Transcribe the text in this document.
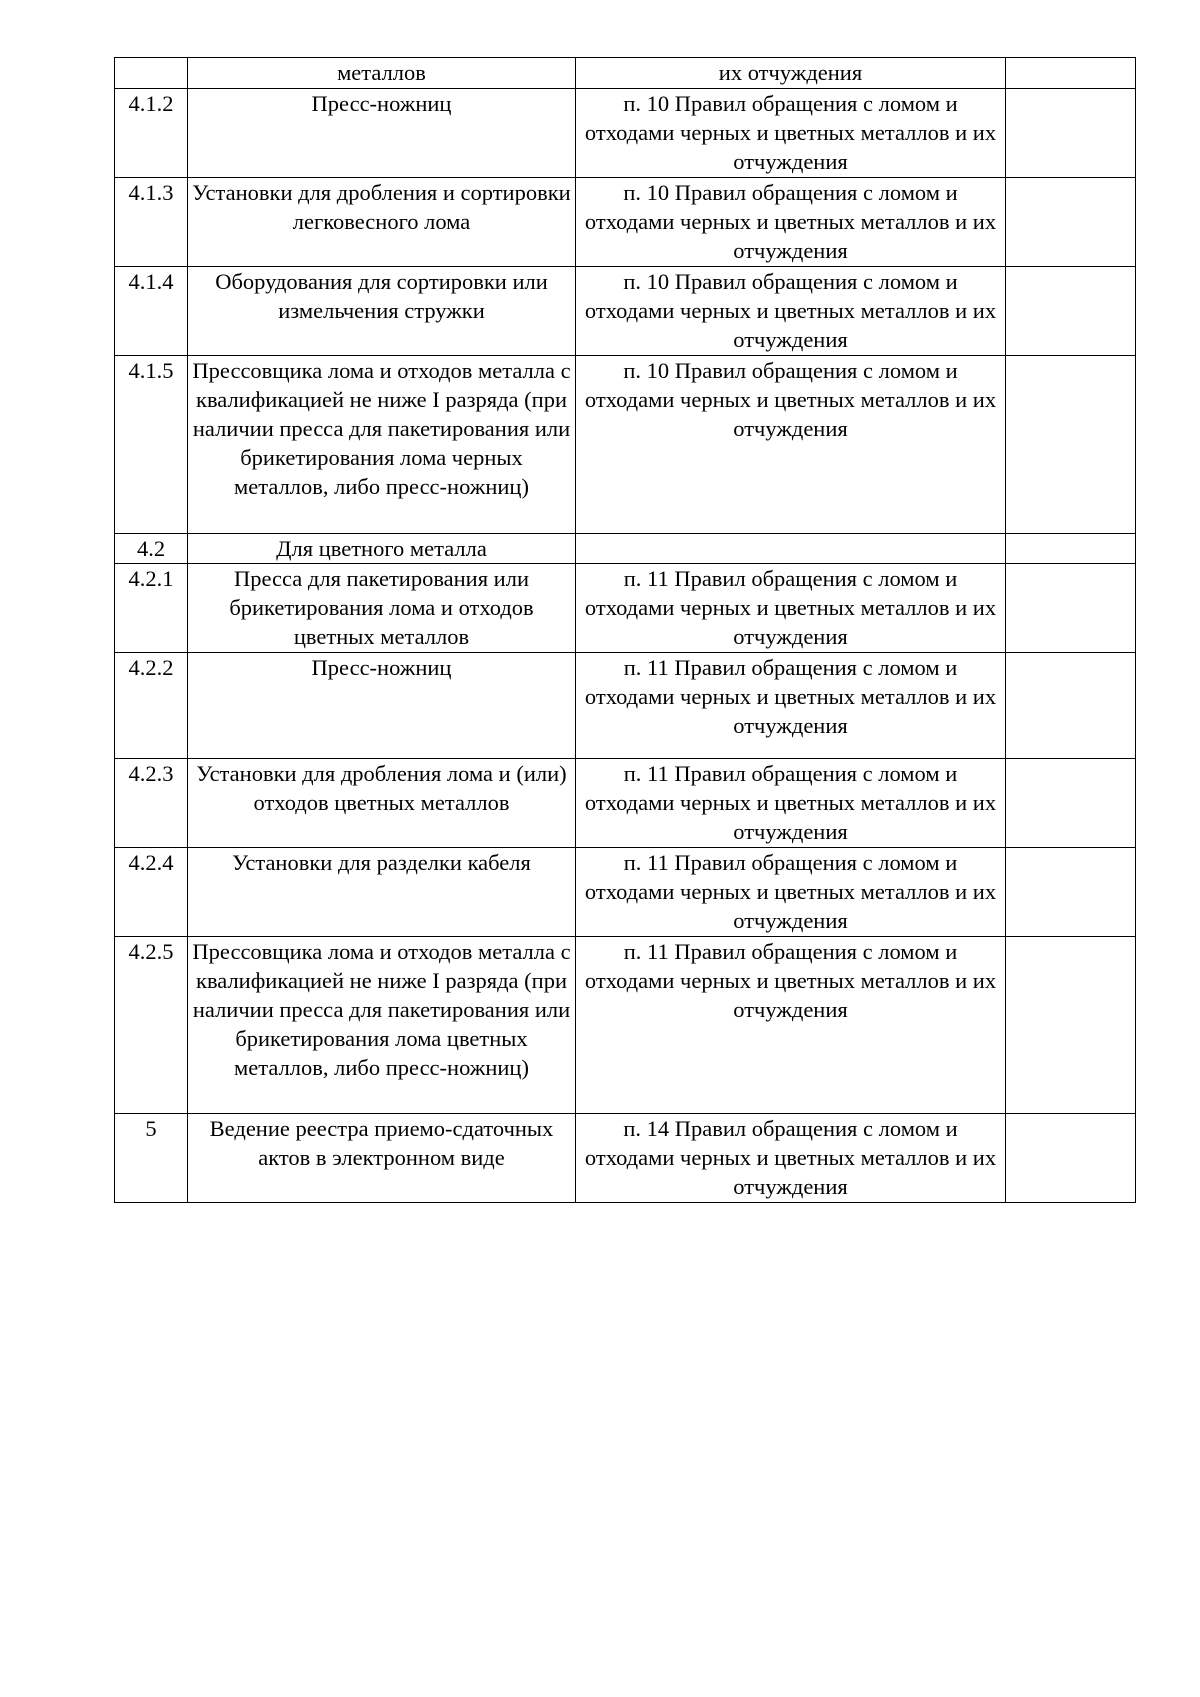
	металлов	их отчуждения	

4.1.2	Пресс-ножниц	п. 10 Правил обращения с ломом и отходами черных и цветных металлов и их отчуждения	

4.1.3	Установки для дробления и сортировки легковесного лома	п. 10 Правил обращения с ломом и отходами черных и цветных металлов и их отчуждения	

4.1.4	Оборудования для сортировки или измельчения стружки	п. 10 Правил обращения с ломом и отходами черных и цветных металлов и их отчуждения	

4.1.5	Прессовщика лома и отходов металла с квалификацией не ниже I разряда (при наличии пресса для пакетирования или брикетирования лома черных металлов, либо пресс-ножниц)	п. 10 Правил обращения с ломом и отходами черных и цветных металлов и их отчуждения	

4.2	Для цветного металла		

4.2.1	Пресса для пакетирования или брикетирования лома и отходов цветных металлов	п. 11 Правил обращения с ломом и отходами черных и цветных металлов и их отчуждения	

4.2.2	Пресс-ножниц	п. 11 Правил обращения с ломом и отходами черных и цветных металлов и их отчуждения	

4.2.3	Установки для дробления лома и (или) отходов цветных металлов	п. 11 Правил обращения с ломом и отходами черных и цветных металлов и их отчуждения	

4.2.4	Установки для разделки кабеля	п. 11 Правил обращения с ломом и отходами черных и цветных металлов и их отчуждения	

4.2.5	Прессовщика лома и отходов металла с квалификацией не ниже I разряда (при наличии пресса для пакетирования или брикетирования лома цветных металлов, либо пресс-ножниц)	п. 11 Правил обращения с ломом и отходами черных и цветных металлов и их отчуждения	

5	Ведение реестра приемо-сдаточных актов в электронном виде	п. 14 Правил обращения с ломом и отходами черных и цветных металлов и их отчуждения	
